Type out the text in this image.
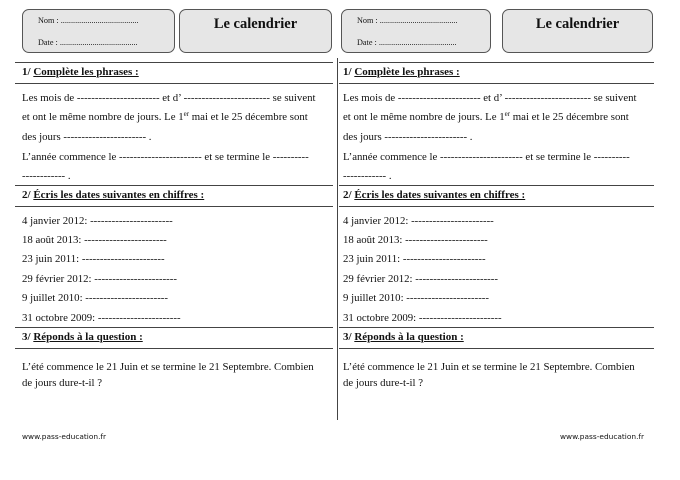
Nom : ......................................
Date : ......................................
Le calendrier
1/ Complète les phrases :
Les mois de ----------------------- et d’ ------------------------ se suivent
et ont le même nombre de jours. Le 1er mai et le 25 décembre sont
des jours ----------------------- .
L’année commence le ----------------------- et se termine le ----------
------------ .
2/ Écris les dates suivantes en chiffres :
4 janvier 2012: -----------------------
18 août 2013: -----------------------
23 juin 2011: -----------------------
29 février 2012: -----------------------
9 juillet 2010: -----------------------
31 octobre 2009: -----------------------
3/ Réponds à la question :
L’été commence le 21 Juin et se termine le 21 Septembre. Combien
de jours dure-t-il ?
www.pass-education.fr
Nom : ......................................
Date : ......................................
Le calendrier
1/ Complète les phrases :
Les mois de ----------------------- et d’ ------------------------ se suivent
et ont le même nombre de jours. Le 1er mai et le 25 décembre sont
des jours ----------------------- .
L’année commence le ----------------------- et se termine le ----------
------------ .
2/ Écris les dates suivantes en chiffres :
4 janvier 2012: -----------------------
18 août 2013: -----------------------
23 juin 2011: -----------------------
29 février 2012: -----------------------
9 juillet 2010: -----------------------
31 octobre 2009: -----------------------
3/ Réponds à la question :
L’été commence le 21 Juin et se termine le 21 Septembre. Combien
de jours dure-t-il ?
www.pass-education.fr
